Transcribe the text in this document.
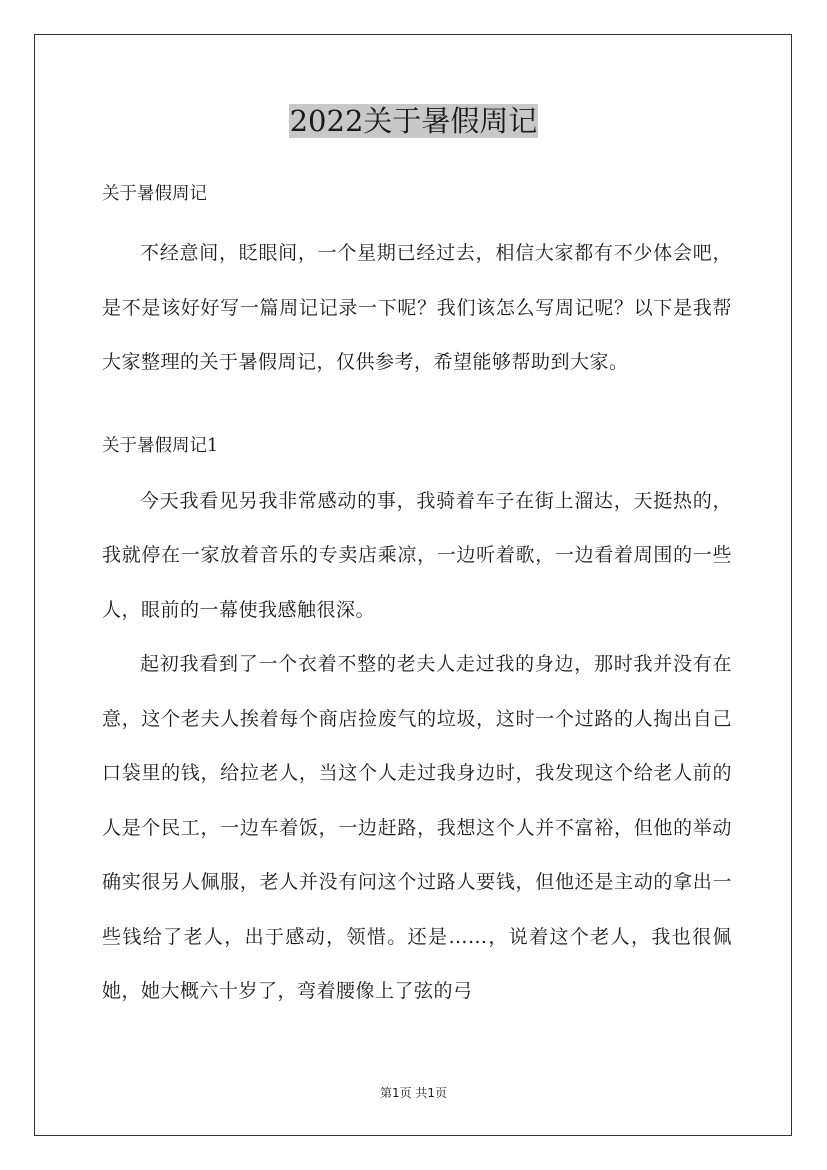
2022关于暑假周记

关于暑假周记

不经意间，眨眼间，一个星期已经过去，相信大家都有不少体会吧，是不是该好好写一篇周记记录一下呢？我们该怎么写周记呢？以下是我帮大家整理的关于暑假周记，仅供参考，希望能够帮助到大家。

关于暑假周记1

今天我看见另我非常感动的事，我骑着车子在街上溜达，天挺热的，我就停在一家放着音乐的专卖店乘凉，一边听着歌，一边看着周围的一些人，眼前的一幕使我感触很深。

起初我看到了一个衣着不整的老夫人走过我的身边，那时我并没有在意，这个老夫人挨着每个商店捡废气的垃圾，这时一个过路的人掏出自己口袋里的钱，给拉老人，当这个人走过我身边时，我发现这个给老人前的人是个民工，一边车着饭，一边赶路，我想这个人并不富裕，但他的举动确实很另人佩服，老人并没有问这个过路人要钱，但他还是主动的拿出一些钱给了老人，出于感动，领惜。还是……，说着这个老人，我也很佩她，她大概六十岁了，弯着腰像上了弦的弓

第1页 共1页
